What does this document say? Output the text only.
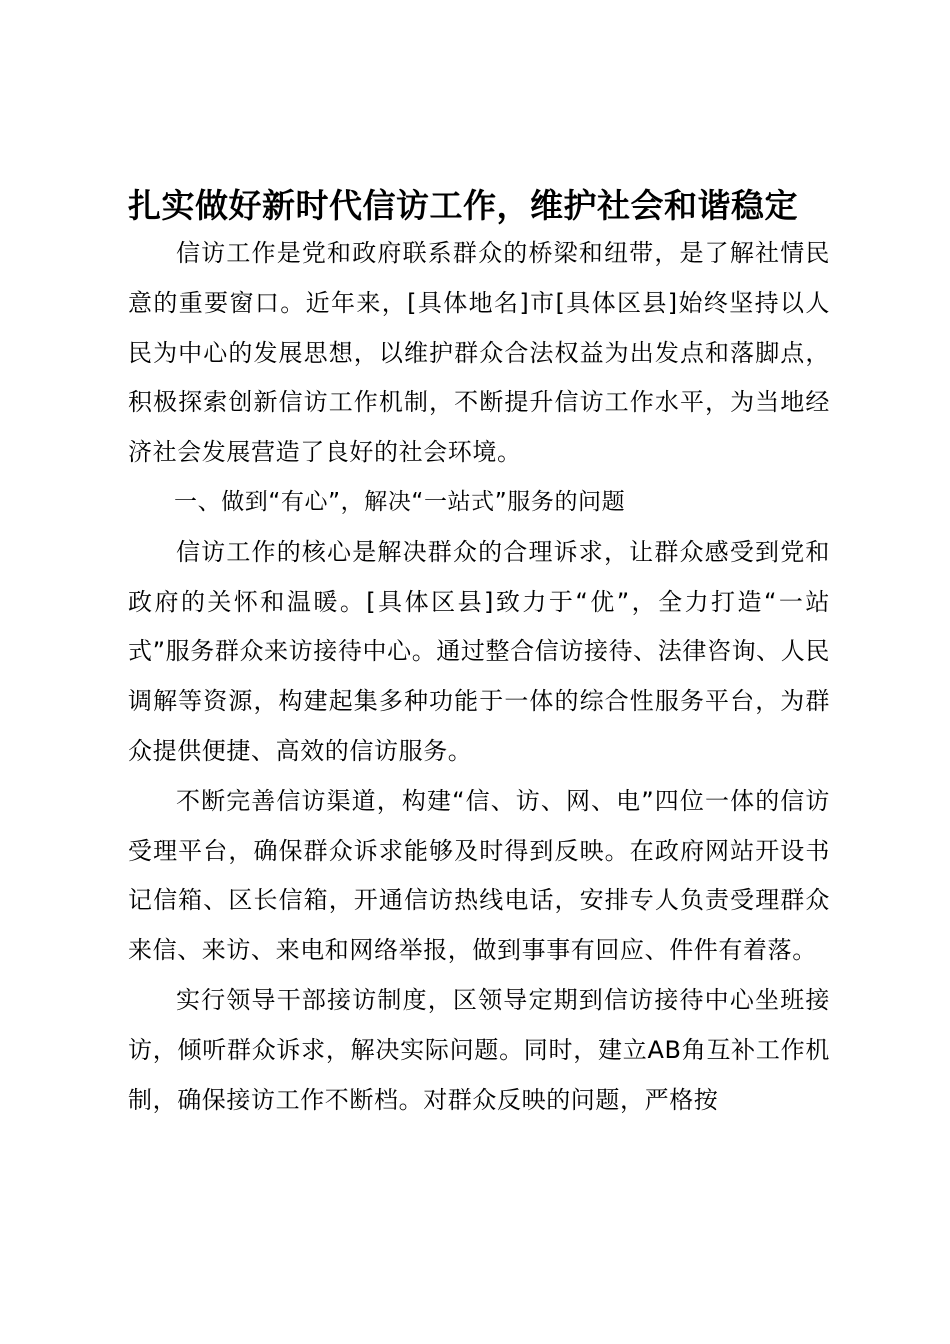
扎实做好新时代信访工作，维护社会和谐稳定

信访工作是党和政府联系群众的桥梁和纽带，是了解社情民意的重要窗口。近年来，[具体地名]市[具体区县]始终坚持以人民为中心的发展思想，以维护群众合法权益为出发点和落脚点，积极探索创新信访工作机制，不断提升信访工作水平，为当地经济社会发展营造了良好的社会环境。

一、做到“有心”，解决“一站式”服务的问题

信访工作的核心是解决群众的合理诉求，让群众感受到党和政府的关怀和温暖。[具体区县]致力于“优”，全力打造“一站式”服务群众来访接待中心。通过整合信访接待、法律咨询、人民调解等资源，构建起集多种功能于一体的综合性服务平台，为群众提供便捷、高效的信访服务。

不断完善信访渠道，构建“信、访、网、电”四位一体的信访受理平台，确保群众诉求能够及时得到反映。在政府网站开设书记信箱、区长信箱，开通信访热线电话，安排专人负责受理群众来信、来访、来电和网络举报，做到事事有回应、件件有着落。

实行领导干部接访制度，区领导定期到信访接待中心坐班接访，倾听群众诉求，解决实际问题。同时，建立AB角互补工作机制，确保接访工作不断档。对群众反映的问题，严格按
